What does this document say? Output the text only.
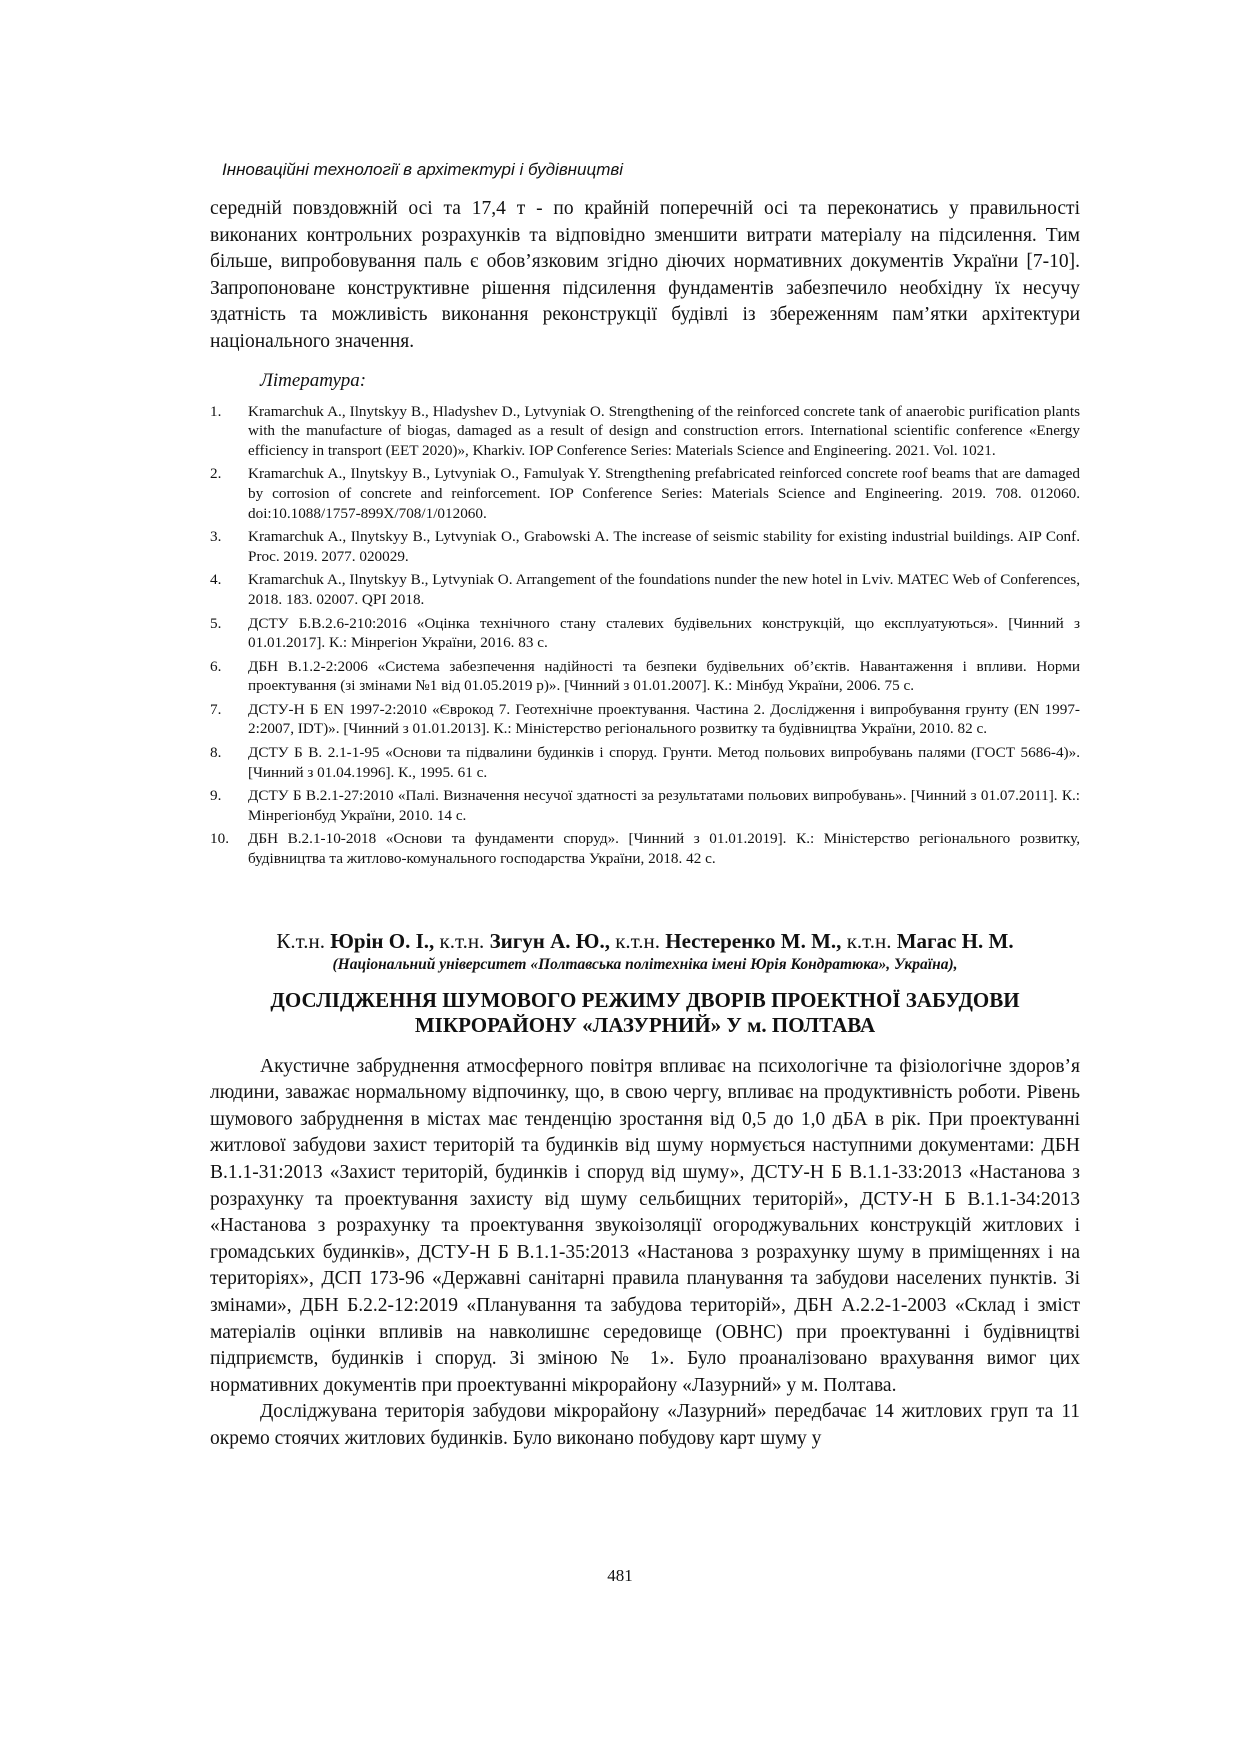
Інноваційні технології в архітектурі і будівництві

середній повздовжній осі та 17,4 т - по крайній поперечній осі та переконатись у правильності виконаних контрольних розрахунків та відповідно зменшити витрати матеріалу на підсилення. Тим більше, випробовування паль є обов’язковим згідно діючих нормативних документів України [7-10]. Запропоноване конструктивне рішення підсилення фундаментів забезпечило необхідну їх несучу здатність та можливість виконання реконструкції будівлі із збереженням пам’ятки архітектури національного значення.

Література:
1. Kramarchuk A., Ilnytskyy B., Hladyshev D., Lytvyniak O. Strengthening of the reinforced concrete tank of anaerobic purification plants with the manufacture of biogas, damaged as a result of design and construction errors. International scientific conference «Energy efficiency in transport (EET 2020)», Kharkiv. IOP Conference Series: Materials Science and Engineering. 2021. Vol. 1021.
2. Kramarchuk A., Ilnytskyy B., Lytvyniak O., Famulyak Y. Strengthening prefabricated reinforced concrete roof beams that are damaged by corrosion of concrete and reinforcement. IOP Conference Series: Materials Science and Engineering. 2019. 708. 012060. doi:10.1088/1757-899X/708/1/012060.
3. Kramarchuk A., Ilnytskyy B., Lytvyniak O., Grabowski A. The increase of seismic stability for existing industrial buildings. AIP Conf. Proc. 2019. 2077. 020029.
4. Kramarchuk A., Ilnytskyy B., Lytvyniak O. Arrangement of the foundations nunder the new hotel in Lviv. MATEC Web of Conferences, 2018. 183. 02007. QPI 2018.
5. ДСТУ Б.В.2.6-210:2016 «Оцінка технічного стану сталевих будівельних конструкцій, що експлуатуються». [Чинний з 01.01.2017]. К.: Мінрегіон України, 2016. 83 с.
6. ДБН В.1.2-2:2006 «Система забезпечення надійності та безпеки будівельних об’єктів. Навантаження і впливи. Норми проектування (зі змінами №1 від 01.05.2019 р)». [Чинний з 01.01.2007]. К.: Мінбуд України, 2006. 75 с.
7. ДСТУ-Н Б EN 1997-2:2010 «Єврокод 7. Геотехнічне проектування. Частина 2. Дослідження і випробування грунту (EN 1997-2:2007, IDT)». [Чинний з 01.01.2013]. К.: Міністерство регіонального розвитку та будівництва України, 2010. 82 с.
8. ДСТУ Б В. 2.1-1-95 «Основи та підвалини будинків і споруд. Грунти. Метод польових випробувань палями (ГОСТ 5686-4)». [Чинний з 01.04.1996]. К., 1995. 61 с.
9. ДСТУ Б В.2.1-27:2010 «Палі. Визначення несучої здатності за результатами польових випробувань». [Чинний з 01.07.2011]. К.: Мінрегіонбуд України, 2010. 14 с.
10. ДБН В.2.1-10-2018 «Основи та фундаменти споруд». [Чинний з 01.01.2019]. К.: Міністерство регіонального розвитку, будівництва та житлово-комунального господарства України, 2018. 42 с.
К.т.н. Юрін О. І., к.т.н. Зигун А. Ю., к.т.н. Нестеренко М. М., к.т.н. Магас Н. М.
(Національний університет «Полтавська політехніка імені Юрія Кондратюка», Україна),
ДОСЛІДЖЕННЯ ШУМОВОГО РЕЖИМУ ДВОРІВ ПРОЕКТНОЇ ЗАБУДОВИ
МІКРОРАЙОНУ «ЛАЗУРНИЙ» У м. ПОЛТАВА

Акустичне забруднення атмосферного повітря впливає на психологічне та фізіологічне здоров’я людини, заважає нормальному відпочинку, що, в свою чергу, впливає на продуктивність роботи. Рівень шумового забруднення в містах має тенденцію зростання від 0,5 до 1,0 дБА в рік. При проектуванні житлової забудови захист територій та будинків від шуму нормується наступними документами: ДБН В.1.1-31:2013 «Захист територій, будинків і споруд від шуму», ДСТУ-Н Б В.1.1-33:2013 «Настанова з розрахунку та проектування захисту від шуму сельбищних територій», ДСТУ-Н Б В.1.1-34:2013 «Настанова з розрахунку та проектування звукоізоляції огороджувальних конструкцій житлових і громадських будинків», ДСТУ-Н Б В.1.1-35:2013 «Настанова з розрахунку шуму в приміщеннях і на територіях», ДСП 173-96 «Державні санітарні правила планування та забудови населених пунктів. Зі змінами», ДБН Б.2.2-12:2019 «Планування та забудова територій», ДБН А.2.2-1-2003 «Склад і зміст матеріалів оцінки впливів на навколишнє середовище (ОВНС) при проектуванні і будівництві підприємств, будинків і споруд. Зі зміною № 1». Було проаналізовано врахування вимог цих нормативних документів при проектуванні мікрорайону «Лазурний» у м. Полтава.

Досліджувана територія забудови мікрорайону «Лазурний» передбачає 14 житлових груп та 11 окремо стоячих житлових будинків. Було виконано побудову карт шуму у

481
